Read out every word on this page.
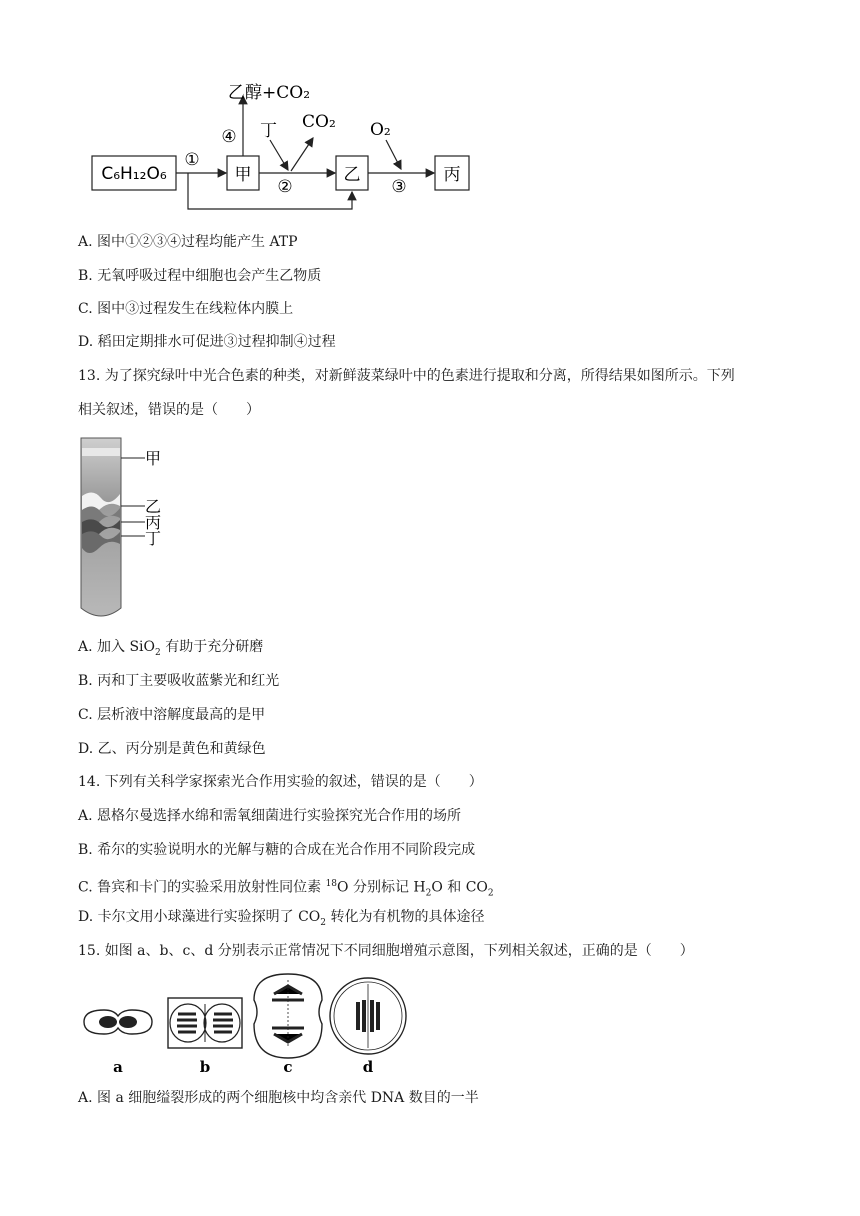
C₆H₁₂O₆
①
甲
乙醇+CO₂
④
②
丁 CO₂
乙
③
O₂
丙
A. 图中①②③④过程均能产生 ATP
B. 无氧呼吸过程中细胞也会产生乙物质
C. 图中③过程发生在线粒体内膜上
D. 稻田定期排水可促进③过程抑制④过程
13. 为了探究绿叶中光合色素的种类，对新鲜菠菜绿叶中的色素进行提取和分离，所得结果如图所示。下列
相关叙述，错误的是（　　）
甲
乙
丙
丁
A. 加入 SiO$_2$ 有助于充分研磨
B. 丙和丁主要吸收蓝紫光和红光
C. 层析液中溶解度最高的是甲
D. 乙、丙分别是黄色和黄绿色
14. 下列有关科学家探索光合作用实验的叙述，错误的是（　　）
A. 恩格尔曼选择水绵和需氧细菌进行实验探究光合作用的场所
B. 希尔的实验说明水的光解与糖的合成在光合作用不同阶段完成
C. 鲁宾和卡门的实验采用放射性同位素 $^{18}$O 分别标记 $H_2O$ 和 $CO_2$
D. 卡尔文用小球藻进行实验探明了 $CO_2$ 转化为有机物的具体途径
15. 如图 a、b、c、d 分别表示正常情况下不同细胞增殖示意图，下列相关叙述，正确的是（　　）
a	b	c	d
A. 图 a 细胞缢裂形成的两个细胞核中均含亲代 DNA 数目的一半
